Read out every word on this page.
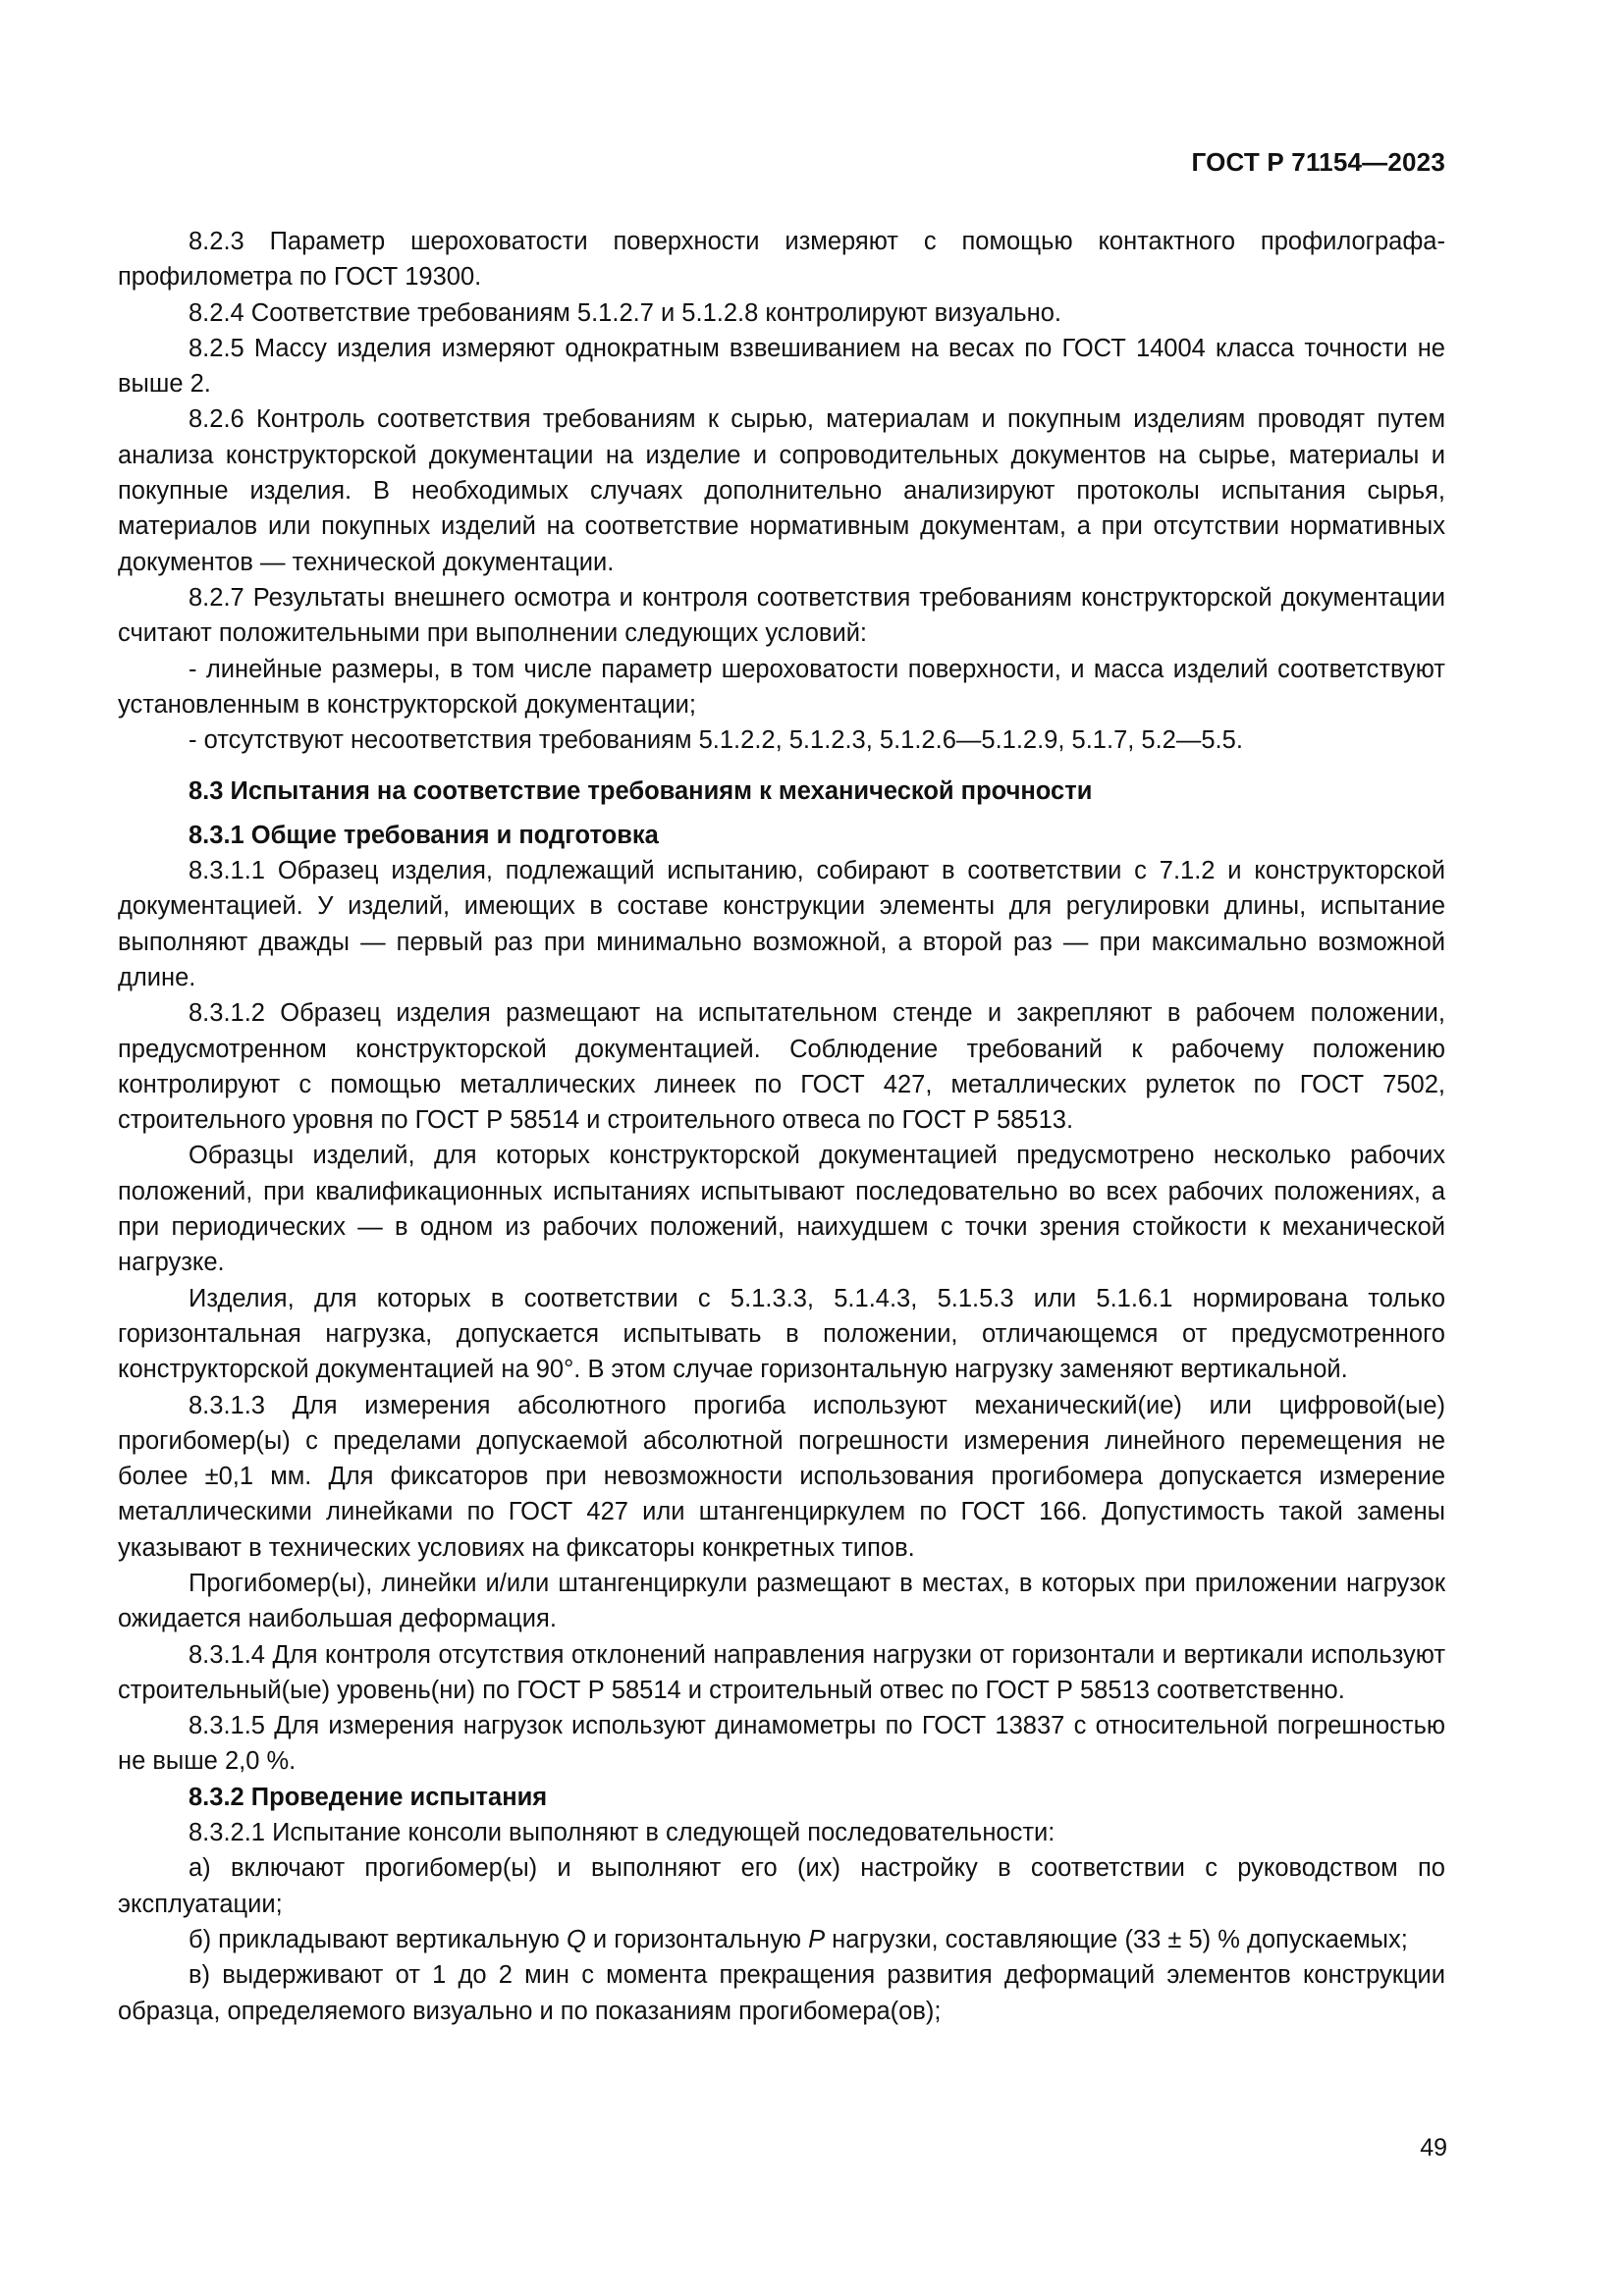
ГОСТ Р 71154—2023

8.2.3 Параметр шероховатости поверхности измеряют с помощью контактного профилографа-профилометра по ГОСТ 19300.

8.2.4 Соответствие требованиям 5.1.2.7 и 5.1.2.8 контролируют визуально.

8.2.5 Массу изделия измеряют однократным взвешиванием на весах по ГОСТ 14004 класса точности не выше 2.

8.2.6 Контроль соответствия требованиям к сырью, материалам и покупным изделиям проводят путем анализа конструкторской документации на изделие и сопроводительных документов на сырье, материалы и покупные изделия. В необходимых случаях дополнительно анализируют протоколы испытания сырья, материалов или покупных изделий на соответствие нормативным документам, а при отсутствии нормативных документов — технической документации.

8.2.7 Результаты внешнего осмотра и контроля соответствия требованиям конструкторской документации считают положительными при выполнении следующих условий:

- линейные размеры, в том числе параметр шероховатости поверхности, и масса изделий соответствуют установленным в конструкторской документации;

- отсутствуют несоответствия требованиям 5.1.2.2, 5.1.2.3, 5.1.2.6—5.1.2.9, 5.1.7, 5.2—5.5.

8.3 Испытания на соответствие требованиям к механической прочности

8.3.1 Общие требования и подготовка

8.3.1.1 Образец изделия, подлежащий испытанию, собирают в соответствии с 7.1.2 и конструкторской документацией. У изделий, имеющих в составе конструкции элементы для регулировки длины, испытание выполняют дважды — первый раз при минимально возможной, а второй раз — при максимально возможной длине.

8.3.1.2 Образец изделия размещают на испытательном стенде и закрепляют в рабочем положении, предусмотренном конструкторской документацией. Соблюдение требований к рабочему положению контролируют с помощью металлических линеек по ГОСТ 427, металлических рулеток по ГОСТ 7502, строительного уровня по ГОСТ Р 58514 и строительного отвеса по ГОСТ Р 58513.

Образцы изделий, для которых конструкторской документацией предусмотрено несколько рабочих положений, при квалификационных испытаниях испытывают последовательно во всех рабочих положениях, а при периодических — в одном из рабочих положений, наихудшем с точки зрения стойкости к механической нагрузке.

Изделия, для которых в соответствии с 5.1.3.3, 5.1.4.3, 5.1.5.3 или 5.1.6.1 нормирована только горизонтальная нагрузка, допускается испытывать в положении, отличающемся от предусмотренного конструкторской документацией на 90°. В этом случае горизонтальную нагрузку заменяют вертикальной.

8.3.1.3 Для измерения абсолютного прогиба используют механический(ие) или цифровой(ые) прогибомер(ы) с пределами допускаемой абсолютной погрешности измерения линейного перемещения не более ±0,1 мм. Для фиксаторов при невозможности использования прогибомера допускается измерение металлическими линейками по ГОСТ 427 или штангенциркулем по ГОСТ 166. Допустимость такой замены указывают в технических условиях на фиксаторы конкретных типов.

Прогибомер(ы), линейки и/или штангенциркули размещают в местах, в которых при приложении нагрузок ожидается наибольшая деформация.

8.3.1.4 Для контроля отсутствия отклонений направления нагрузки от горизонтали и вертикали используют строительный(ые) уровень(ни) по ГОСТ Р 58514 и строительный отвес по ГОСТ Р 58513 соответственно.

8.3.1.5 Для измерения нагрузок используют динамометры по ГОСТ 13837 с относительной погрешностью не выше 2,0 %.

8.3.2 Проведение испытания

8.3.2.1 Испытание консоли выполняют в следующей последовательности:

а) включают прогибомер(ы) и выполняют его (их) настройку в соответствии с руководством по эксплуатации;

б) прикладывают вертикальную Q и горизонтальную P нагрузки, составляющие (33 ± 5) % допускаемых;

в) выдерживают от 1 до 2 мин с момента прекращения развития деформаций элементов конструкции образца, определяемого визуально и по показаниям прогибомера(ов);

49
